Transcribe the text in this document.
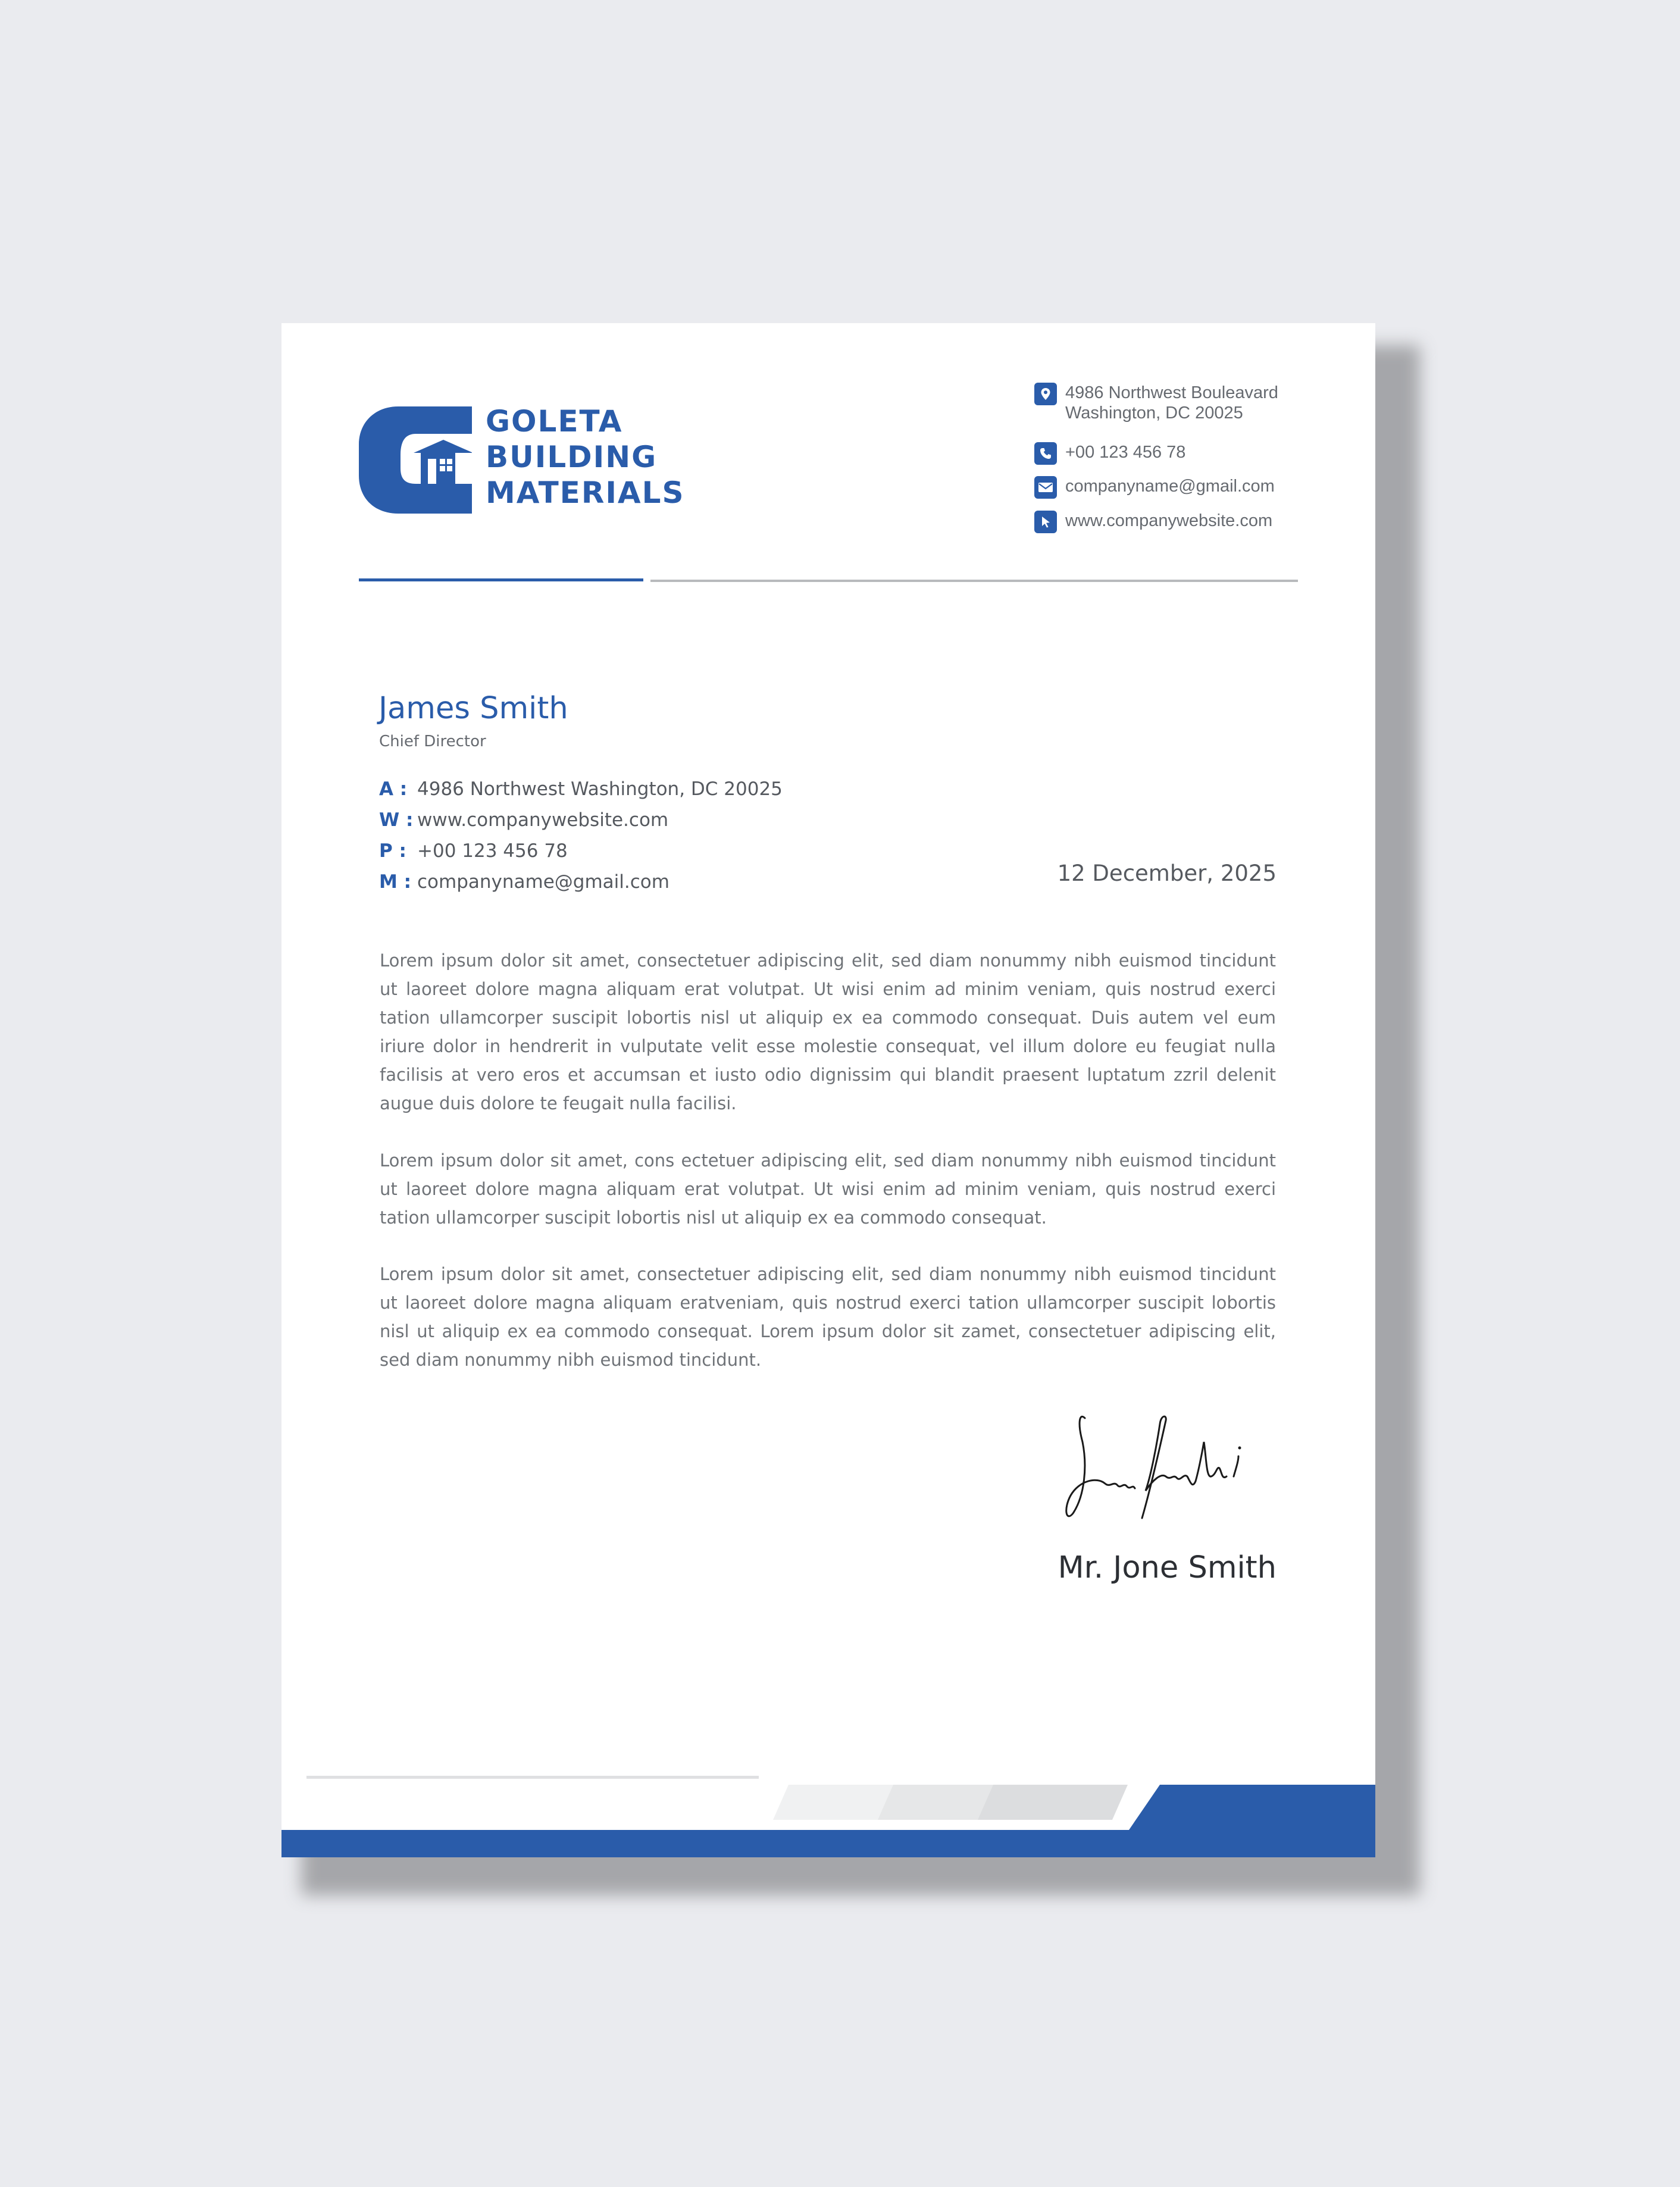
GOLETA
BUILDING
MATERIALS
4986 Northwest Bouleavard
Washington, DC 20025
+00 123 456 78
companyname@gmail.com
www.companywebsite.com
James Smith
Chief Director
A : 4986 Northwest Washington, DC 20025
W : www.companywebsite.com
P : +00 123 456 78
M : companyname@gmail.com	12 December, 2025

Lorem ipsum dolor sit amet, consectetuer adipiscing elit, sed diam nonummy nibh euismod tincidunt ut laoreet dolore magna aliquam erat volutpat. Ut wisi enim ad minim veniam, quis nostrud exerci tation ullamcorper suscipit lobortis nisl ut aliquip ex ea commodo consequat. Duis autem vel eum iriure dolor in hendrerit in vulputate velit esse molestie consequat, vel illum dolore eu feugiat nulla facilisis at vero eros et accumsan et iusto odio dignissim qui blandit praesent luptatum zzril delenit augue duis dolore te feugait nulla facilisi.

Lorem ipsum dolor sit amet, cons ectetuer adipiscing elit, sed diam nonummy nibh euismod tincidunt ut laoreet dolore magna aliquam erat volutpat. Ut wisi enim ad minim veniam, quis nostrud exerci tation ullamcorper suscipit lobortis nisl ut aliquip ex ea commodo consequat.

Lorem ipsum dolor sit amet, consectetuer adipiscing elit, sed diam nonummy nibh euismod tincidunt ut laoreet dolore magna aliquam eratveniam, quis nostrud exerci tation ullamcorper suscipit lobortis nisl ut aliquip ex ea commodo consequat. Lorem ipsum dolor sit zamet, consectetuer adipiscing elit, sed diam nonummy nibh euismod tincidunt.

Mr. Jone Smith
